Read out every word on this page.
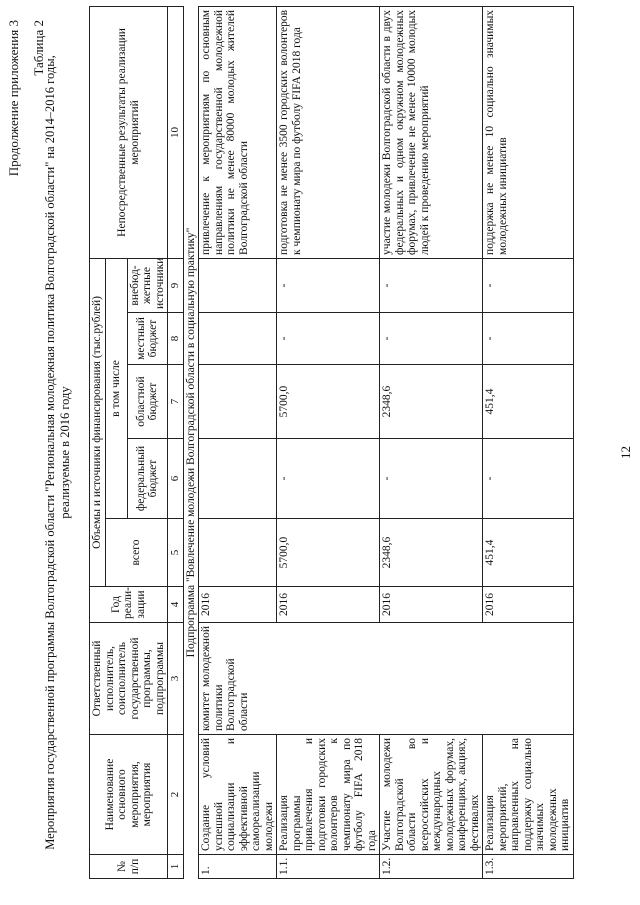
12
Продолжение приложения 3 Таблица 2
Мероприятия государственной программы Волгоградской области "Региональная молодежная политика Волгоградской области" на 2014–2016 годы, реализуемые в 2016 году
№ п/п	Наименование основного мероприятия, мероприятия	Ответственный исполнитель, соисполнитель государственной программы, подпрограммы	Год реали-зации	Объемы и источники финансирования (тыс.рублей)					Непосредственные результаты реализации мероприятий
				всего	в том числе				
					федеральный бюджет	областной бюджет	местный бюджет	внебюд-жетные источники	
1	2	3	4	5	6	7	8	9	10
Подпрограмма "Вовлечение молодежи Волгоградской области в социальную практику"									
1.	Создание условий успешной социализации и эффективной самореализации молодежи	комитет молодежной политики Волгоградской области	2016						привлечение к мероприятиям по основным направлениям государственной молодежной политики не менее 80000 молодых жителей Волгоградской области
1.1.	Реализация программы привлечения и подготовки городских волонтеров к чемпионату мира по футболу FIFA 2018 года		2016	5700,0	-	5700,0	-	-	подготовка не менее 3500 городских волонтеров к чемпионату мира по футболу FIFA 2018 года
1.2.	Участие молодежи Волгоградской области во всероссийских и международных молодежных форумах, конференциях, акциях, фестивалях		2016	2348,6	-	2348,6	-	-	участие молодежи Волгоградской области в двух федеральных и одном окружном молодежных форумах, привлечение не менее 10000 молодых людей к проведению мероприятий
1.3.	Реализация мероприятий, направленных на поддержку социально значимых молодежных инициатив		2016	451,4	-	451,4	-	-	поддержка не менее 10 социально значимых молодежных инициатив
